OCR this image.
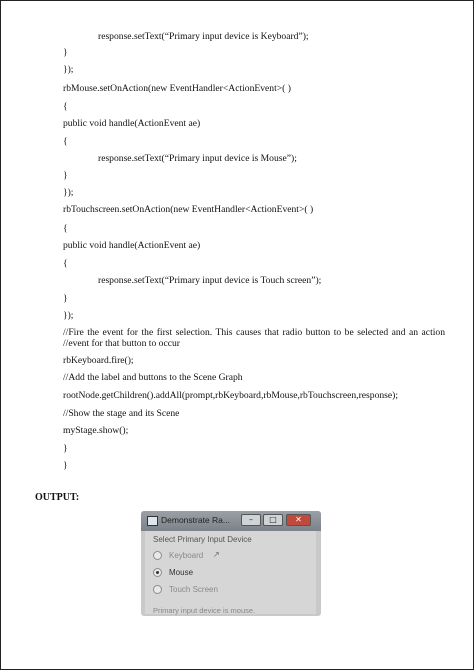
response.setText(“Primary input device is Keyboard”);
}
});
rbMouse.setOnAction(new EventHandler<ActionEvent>( )
{
public void handle(ActionEvent ae)
{
response.setText(“Primary input device is Mouse”);
}
});
rbTouchscreen.setOnAction(new EventHandler<ActionEvent>( )
{
public void handle(ActionEvent ae)
{
response.setText(“Primary input device is Touch screen”);
}
});
//Fire the event for the first selection. This causes that radio button to be selected and an action //event for that button to occur
rbKeyboard.fire();
//Add the label and buttons to the Scene Graph
rootNode.getChildren().addAll(prompt,rbKeyboard,rbMouse,rbTouchscreen,response);
//Show the stage and its Scene
myStage.show();
}
}
OUTPUT:
Demonstrate Ra...	–	□	✕
Select Primary Input Device
Keyboard ↗
Mouse
Touch Screen
Primary input device is mouse.
